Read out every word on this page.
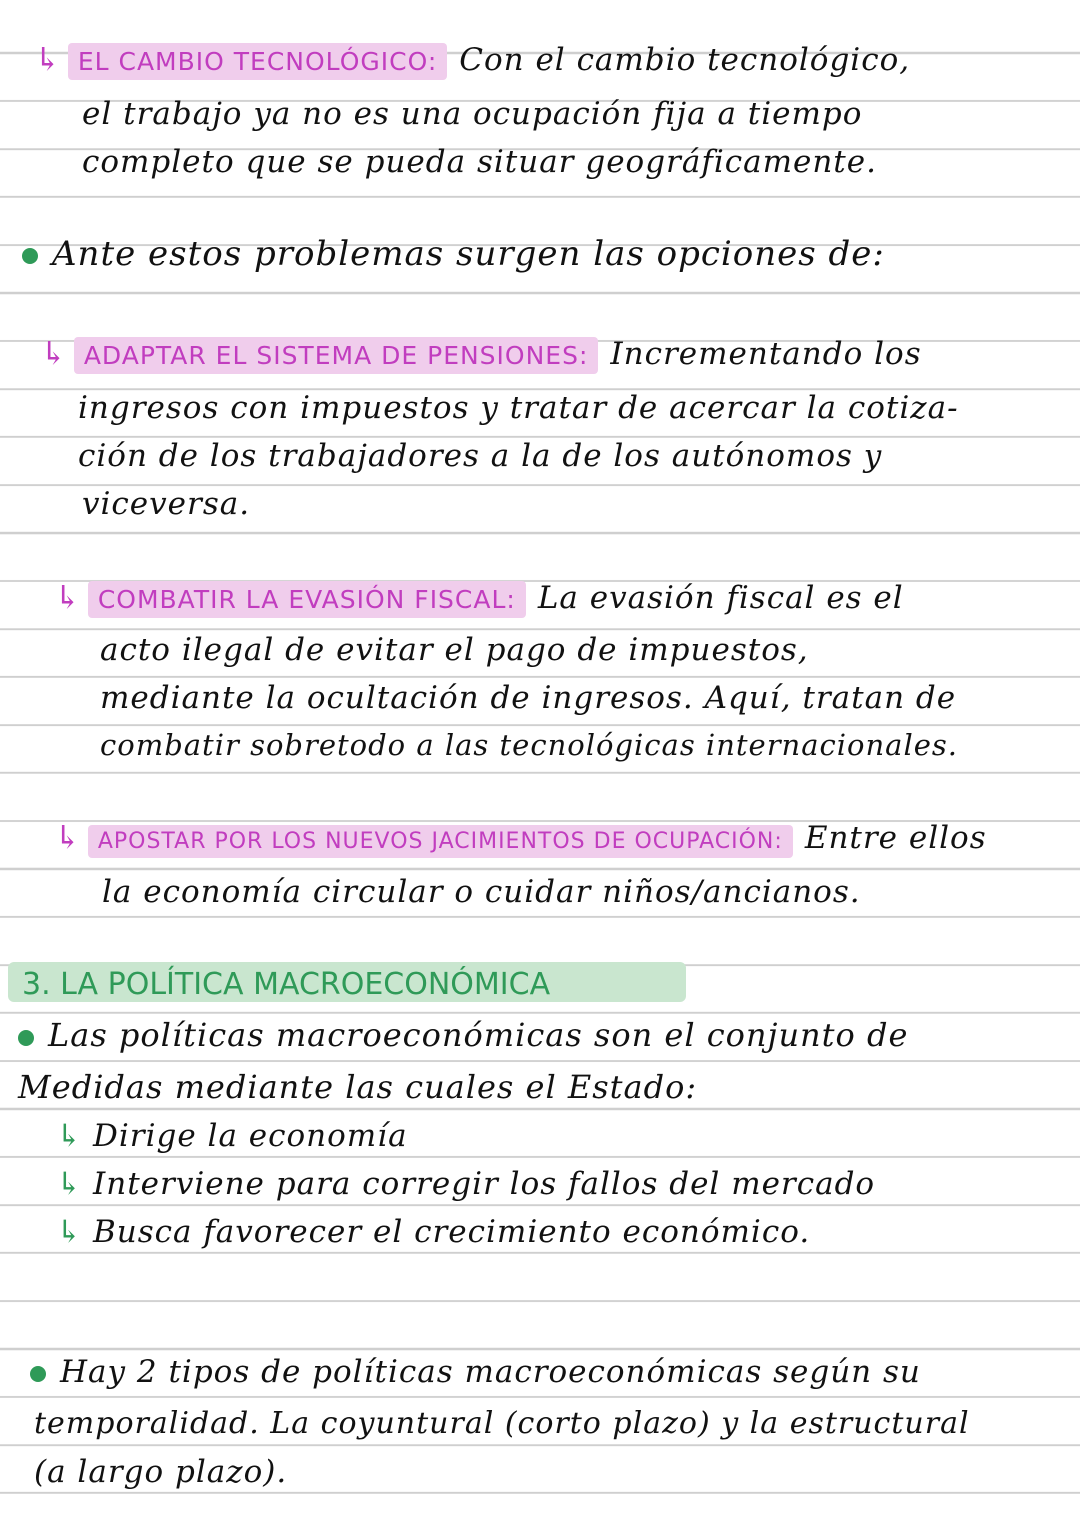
↳ EL CAMBIO TECNOLÓGICO: Con el cambio tecnológico,
el trabajo ya no es una ocupación fija a tiempo
completo que se pueda situar geográficamente.
Ante estos problemas surgen las opciones de:
↳ ADAPTAR EL SISTEMA DE PENSIONES: Incrementando los
ingresos con impuestos y tratar de acercar la cotiza-
ción de los trabajadores a la de los autónomos y
viceversa.
↳ COMBATIR LA EVASIÓN FISCAL: La evasión fiscal es el
acto ilegal de evitar el pago de impuestos,
mediante la ocultación de ingresos. Aquí, tratan de
combatir sobretodo a las tecnológicas internacionales.
↳ APOSTAR POR LOS NUEVOS JACIMIENTOS DE OCUPACIÓN: Entre ellos
la economía circular o cuidar niños/ancianos.
3. LA POLÍTICA MACROECONÓMICA
Las políticas macroeconómicas son el conjunto de
Medidas mediante las cuales el Estado:
↳ Dirige la economía
↳ Interviene para corregir los fallos del mercado
↳ Busca favorecer el crecimiento económico.
Hay 2 tipos de políticas macroeconómicas según su
temporalidad. La coyuntural (corto plazo) y la estructural
(a largo plazo).
